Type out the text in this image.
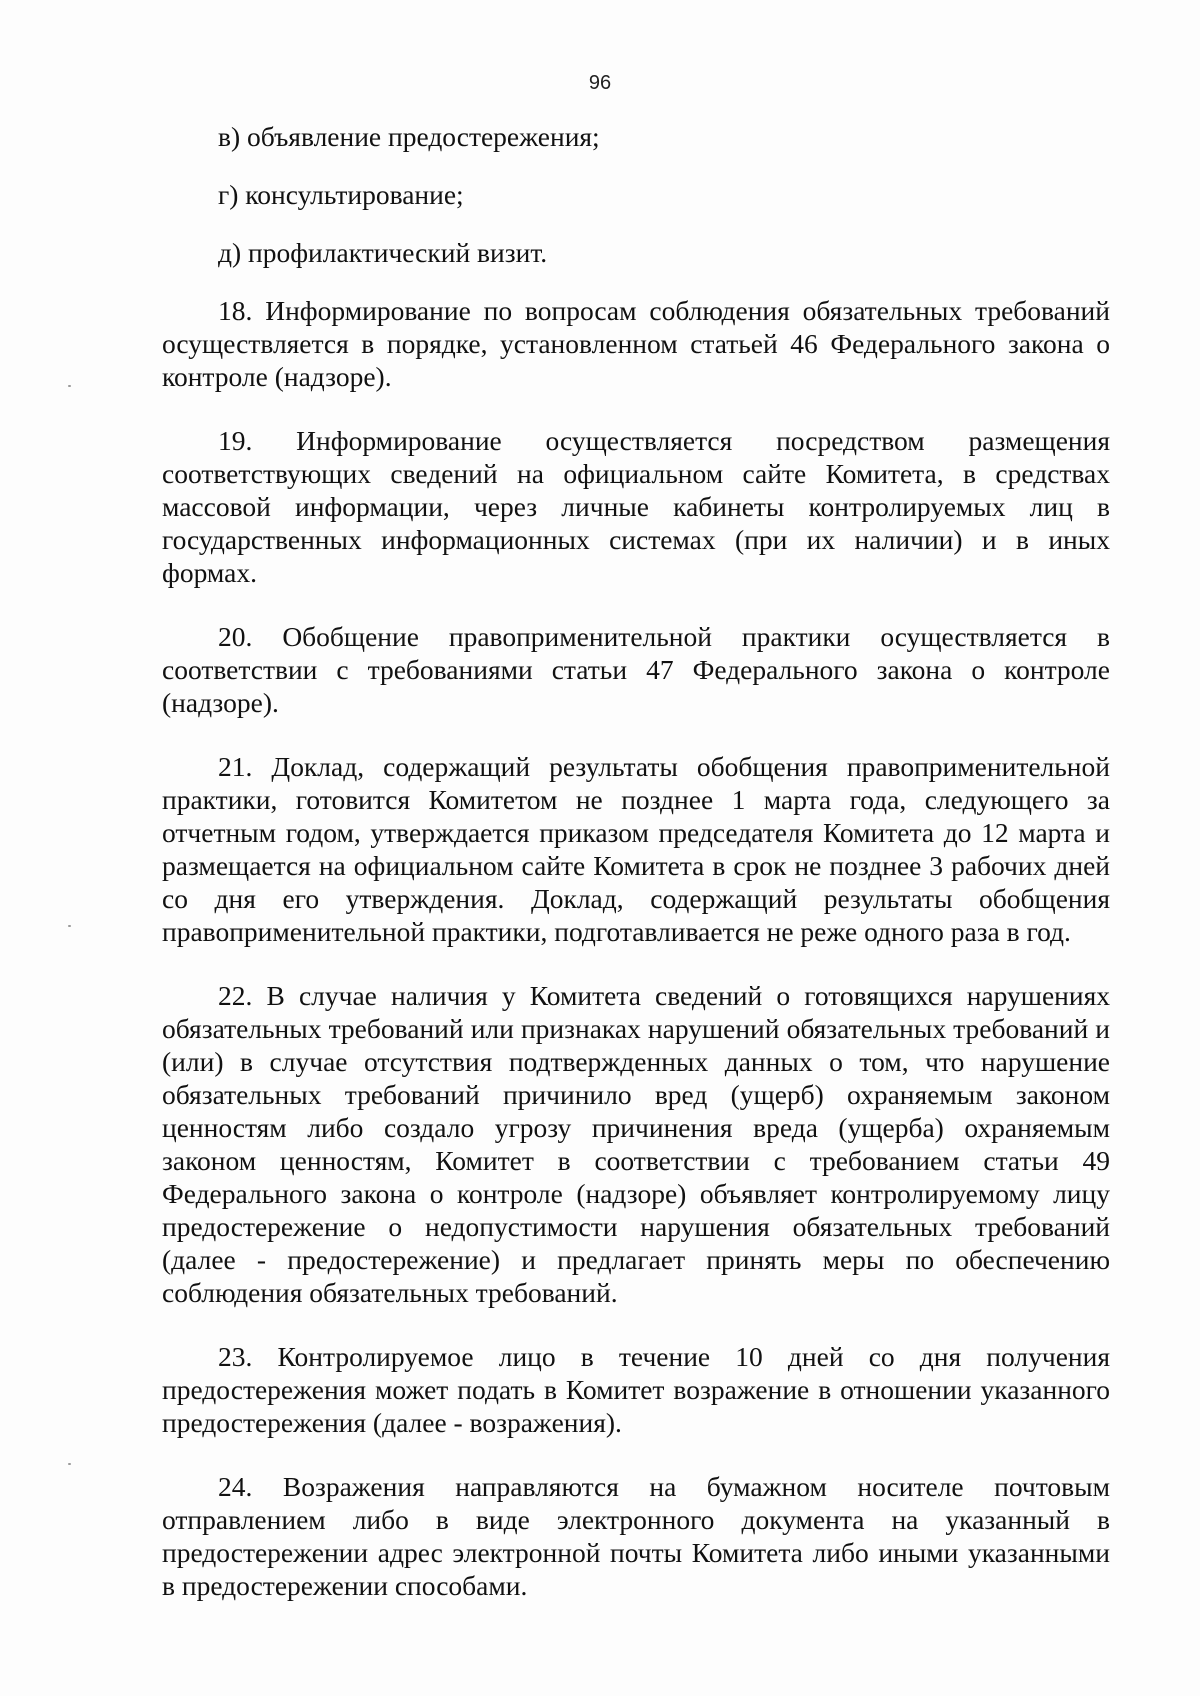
96

в) объявление предостережения;

г) консультирование;

д) профилактический визит.

18. Информирование по вопросам соблюдения обязательных требований осуществляется в порядке, установленном статьей 46 Федерального закона о контроле (надзоре).

19. Информирование осуществляется посредством размещения соответствующих сведений на официальном сайте Комитета, в средствах массовой информации, через личные кабинеты контролируемых лиц в государственных информационных системах (при их наличии) и в иных формах.

20. Обобщение правоприменительной практики осуществляется в соответствии с требованиями статьи 47 Федерального закона о контроле (надзоре).

21. Доклад, содержащий результаты обобщения правоприменительной практики, готовится Комитетом не позднее 1 марта года, следующего за отчетным годом, утверждается приказом председателя Комитета до 12 марта и размещается на официальном сайте Комитета в срок не позднее 3 рабочих дней со дня его утверждения. Доклад, содержащий результаты обобщения правоприменительной практики, подготавливается не реже одного раза в год.

22. В случае наличия у Комитета сведений о готовящихся нарушениях обязательных требований или признаках нарушений обязательных требований и (или) в случае отсутствия подтвержденных данных о том, что нарушение обязательных требований причинило вред (ущерб) охраняемым законом ценностям либо создало угрозу причинения вреда (ущерба) охраняемым законом ценностям, Комитет в соответствии с требованием статьи 49 Федерального закона о контроле (надзоре) объявляет контролируемому лицу предостережение о недопустимости нарушения обязательных требований (далее - предостережение) и предлагает принять меры по обеспечению соблюдения обязательных требований.

23. Контролируемое лицо в течение 10 дней со дня получения предостережения может подать в Комитет возражение в отношении указанного предостережения (далее - возражения).

24. Возражения направляются на бумажном носителе почтовым отправлением либо в виде электронного документа на указанный в предостережении адрес электронной почты Комитета либо иными указанными в предостережении способами.
